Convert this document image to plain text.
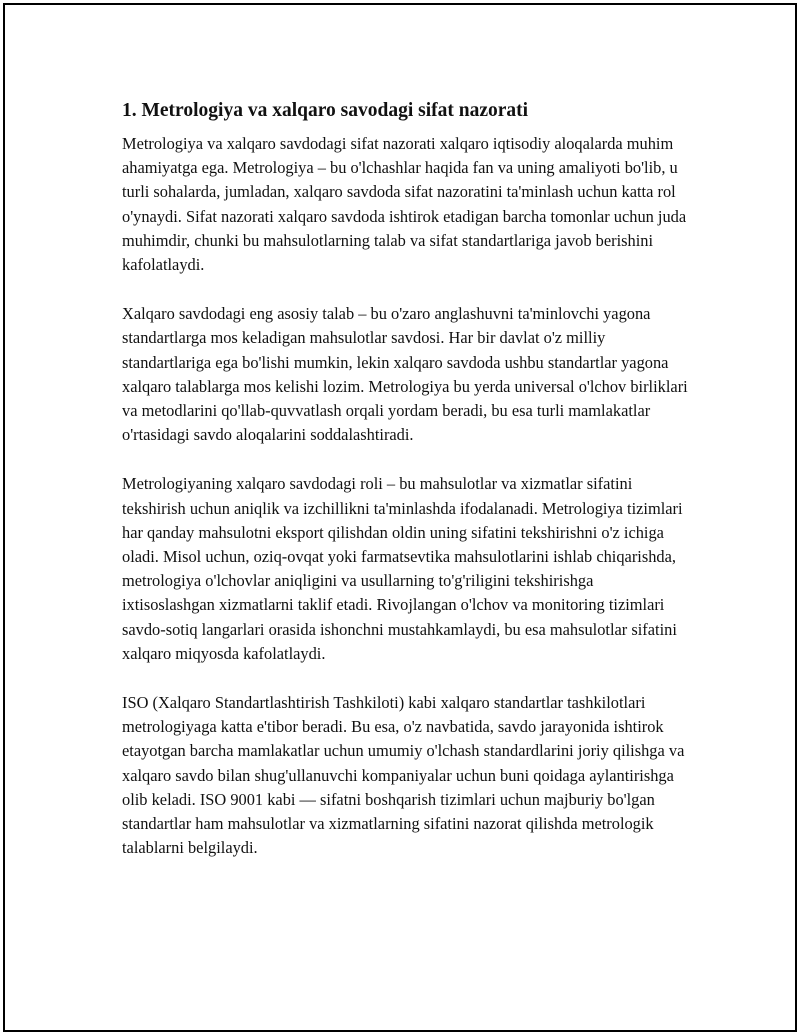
1. Metrologiya va xalqaro savodagi sifat nazorati

Metrologiya va xalqaro savdodagi sifat nazorati xalqaro iqtisodiy aloqalarda muhim ahamiyatga ega. Metrologiya – bu o'lchashlar haqida fan va uning amaliyoti bo'lib, u turli sohalarda, jumladan, xalqaro savdoda sifat nazoratini ta'minlash uchun katta rol o'ynaydi. Sifat nazorati xalqaro savdoda ishtirok etadigan barcha tomonlar uchun juda muhimdir, chunki bu mahsulotlarning talab va sifat standartlariga javob berishini kafolatlaydi.

Xalqaro savdodagi eng asosiy talab – bu o'zaro anglashuvni ta'minlovchi yagona standartlarga mos keladigan mahsulotlar savdosi. Har bir davlat o'z milliy standartlariga ega bo'lishi mumkin, lekin xalqaro savdoda ushbu standartlar yagona xalqaro talablarga mos kelishi lozim. Metrologiya bu yerda universal o'lchov birliklari va metodlarini qo'llab-quvvatlash orqali yordam beradi, bu esa turli mamlakatlar o'rtasidagi savdo aloqalarini soddalashtiradi.

Metrologiyaning xalqaro savdodagi roli – bu mahsulotlar va xizmatlar sifatini tekshirish uchun aniqlik va izchillikni ta'minlashda ifodalanadi. Metrologiya tizimlari har qanday mahsulotni eksport qilishdan oldin uning sifatini tekshirishni o'z ichiga oladi. Misol uchun, oziq-ovqat yoki farmatsevtika mahsulotlarini ishlab chiqarishda, metrologiya o'lchovlar aniqligini va usullarning to'g'riligini tekshirishga ixtisoslashgan xizmatlarni taklif etadi. Rivojlangan o'lchov va monitoring tizimlari savdo-sotiq langarlari orasida ishonchni mustahkamlaydi, bu esa mahsulotlar sifatini xalqaro miqyosda kafolatlaydi.

ISO (Xalqaro Standartlashtirish Tashkiloti) kabi xalqaro standartlar tashkilotlari metrologiyaga katta e'tibor beradi. Bu esa, o'z navbatida, savdo jarayonida ishtirok etayotgan barcha mamlakatlar uchun umumiy o'lchash standardlarini joriy qilishga va xalqaro savdo bilan shug'ullanuvchi kompaniyalar uchun buni qoidaga aylantirishga olib keladi. ISO 9001 kabi — sifatni boshqarish tizimlari uchun majburiy bo'lgan standartlar ham mahsulotlar va xizmatlarning sifatini nazorat qilishda metrologik talablarni belgilaydi.
